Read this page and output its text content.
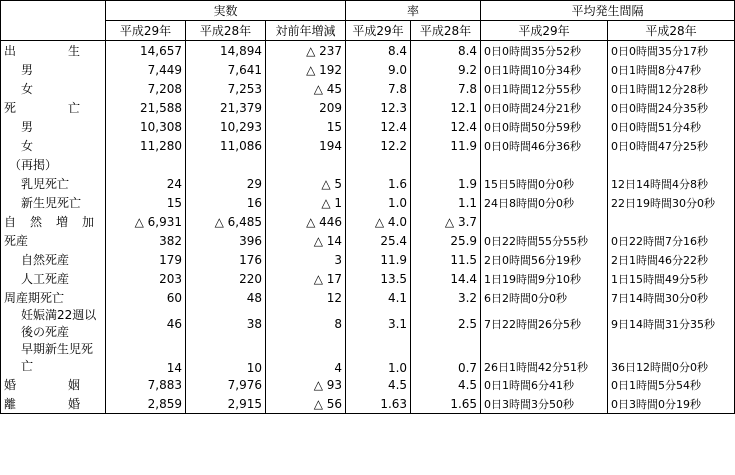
	実数			率		平均発生間隔	
	平成29年	平成28年	対前年増減	平成29年	平成28年	平成29年	平成28年

出生	14,657	14,894	△ 237	8.4	8.4	0日0時間35分52秒	0日0時間35分17秒
男	7,449	7,641	△ 192	9.0	9.2	0日1時間10分34秒	0日1時間8分47秒
女	7,208	7,253	△ 45	7.8	7.8	0日1時間12分55秒	0日1時間12分28秒
死亡	21,588	21,379	209	12.3	12.1	0日0時間24分21秒	0日0時間24分35秒
男	10,308	10,293	15	12.4	12.4	0日0時間50分59秒	0日0時間51分4秒
女	11,280	11,086	194	12.2	11.9	0日0時間46分36秒	0日0時間47分25秒
（再掲）							
乳児死亡	24	29	△ 5	1.6	1.9	15日5時間0分0秒	12日14時間4分8秒
新生児死亡	15	16	△ 1	1.0	1.1	24日8時間0分0秒	22日19時間30分0秒
自然増加	△ 6,931	△ 6,485	△ 446	△ 4.0	△ 3.7		
死産	382	396	△ 14	25.4	25.9	0日22時間55分55秒	0日22時間7分16秒
自然死産	179	176	3	11.9	11.5	2日0時間56分19秒	2日1時間46分22秒
人工死産	203	220	△ 17	13.5	14.4	1日19時間9分10秒	1日15時間49分5秒
周産期死亡	60	48	12	4.1	3.2	6日2時間0分0秒	7日14時間30分0秒
妊娠満22週以後の死産	46	38	8	3.1	2.5	7日22時間26分5秒	9日14時間31分35秒
早期新生児死亡	14	10	4	1.0	0.7	26日1時間42分51秒	36日12時間0分0秒
婚姻	7,883	7,976	△ 93	4.5	4.5	0日1時間6分41秒	0日1時間5分54秒
離婚	2,859	2,915	△ 56	1.63	1.65	0日3時間3分50秒	0日3時間0分19秒
